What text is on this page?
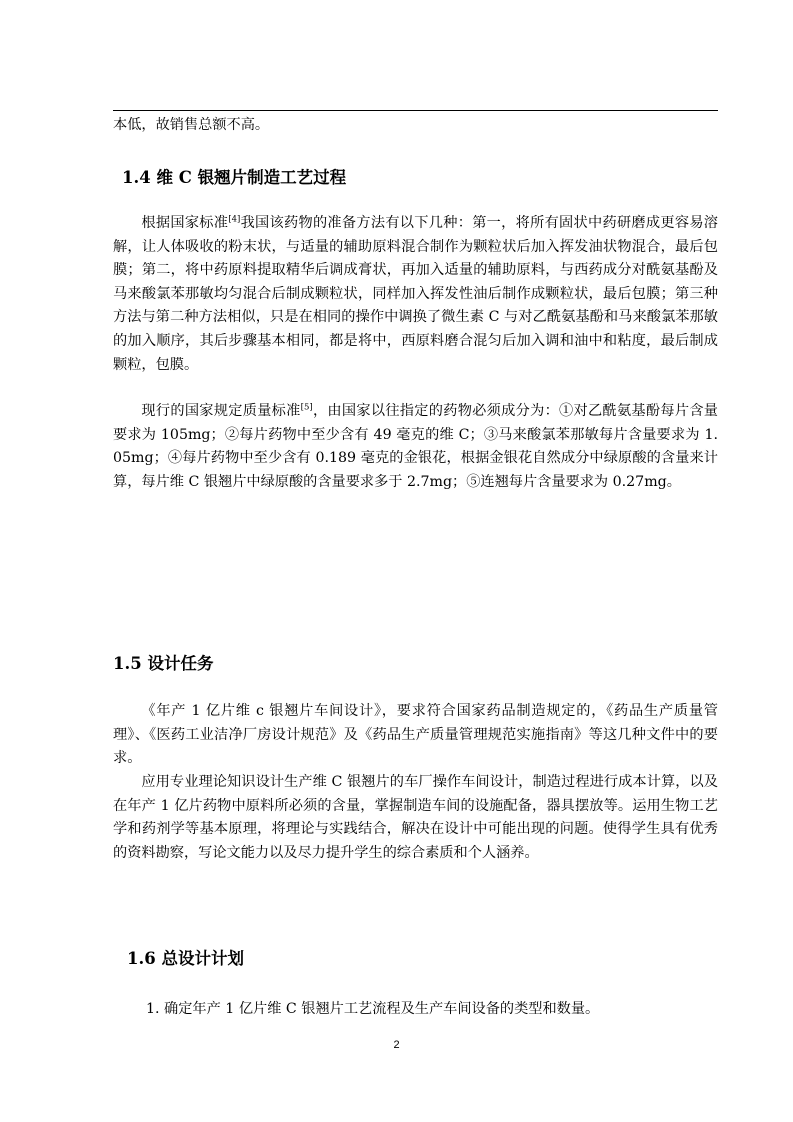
本低，故销售总额不高。

1.4 维 C 银翘片制造工艺过程

根据国家标准[4]我国该药物的准备方法有以下几种：第一，将所有固状中药研磨成更容易溶解，让人体吸收的粉末状，与适量的辅助原料混合制作为颗粒状后加入挥发油状物混合，最后包膜；第二，将中药原料提取精华后调成膏状，再加入适量的辅助原料，与西药成分对酰氨基酚及马来酸氯苯那敏均匀混合后制成颗粒状，同样加入挥发性油后制作成颗粒状，最后包膜；第三种方法与第二种方法相似，只是在相同的操作中调换了微生素 C 与对乙酰氨基酚和马来酸氯苯那敏的加入顺序，其后步骤基本相同，都是将中，西原料磨合混匀后加入调和油中和粘度，最后制成颗粒，包膜。

现行的国家规定质量标准[5]，由国家以往指定的药物必须成分为：①对乙酰氨基酚每片含量要求为 105mg；②每片药物中至少含有 49 毫克的维 C；③马来酸氯苯那敏每片含量要求为 1.05mg；④每片药物中至少含有 0.189 毫克的金银花，根据金银花自然成分中绿原酸的含量来计算，每片维 C 银翘片中绿原酸的含量要求多于 2.7mg；⑤连翘每片含量要求为 0.27mg。

1.5 设计任务

《年产 1 亿片维 c 银翘片车间设计》，要求符合国家药品制造规定的，《药品生产质量管理》、《医药工业洁净厂房设计规范》及《药品生产质量管理规范实施指南》等这几种文件中的要求。

应用专业理论知识设计生产维 C 银翘片的车厂操作车间设计，制造过程进行成本计算，以及在年产 1 亿片药物中原料所必须的含量，掌握制造车间的设施配备，器具摆放等。运用生物工艺学和药剂学等基本原理，将理论与实践结合，解决在设计中可能出现的问题。使得学生具有优秀的资料勘察，写论文能力以及尽力提升学生的综合素质和个人涵养。

1.6 总设计计划

1. 确定年产 1 亿片维 C 银翘片工艺流程及生产车间设备的类型和数量。

2
